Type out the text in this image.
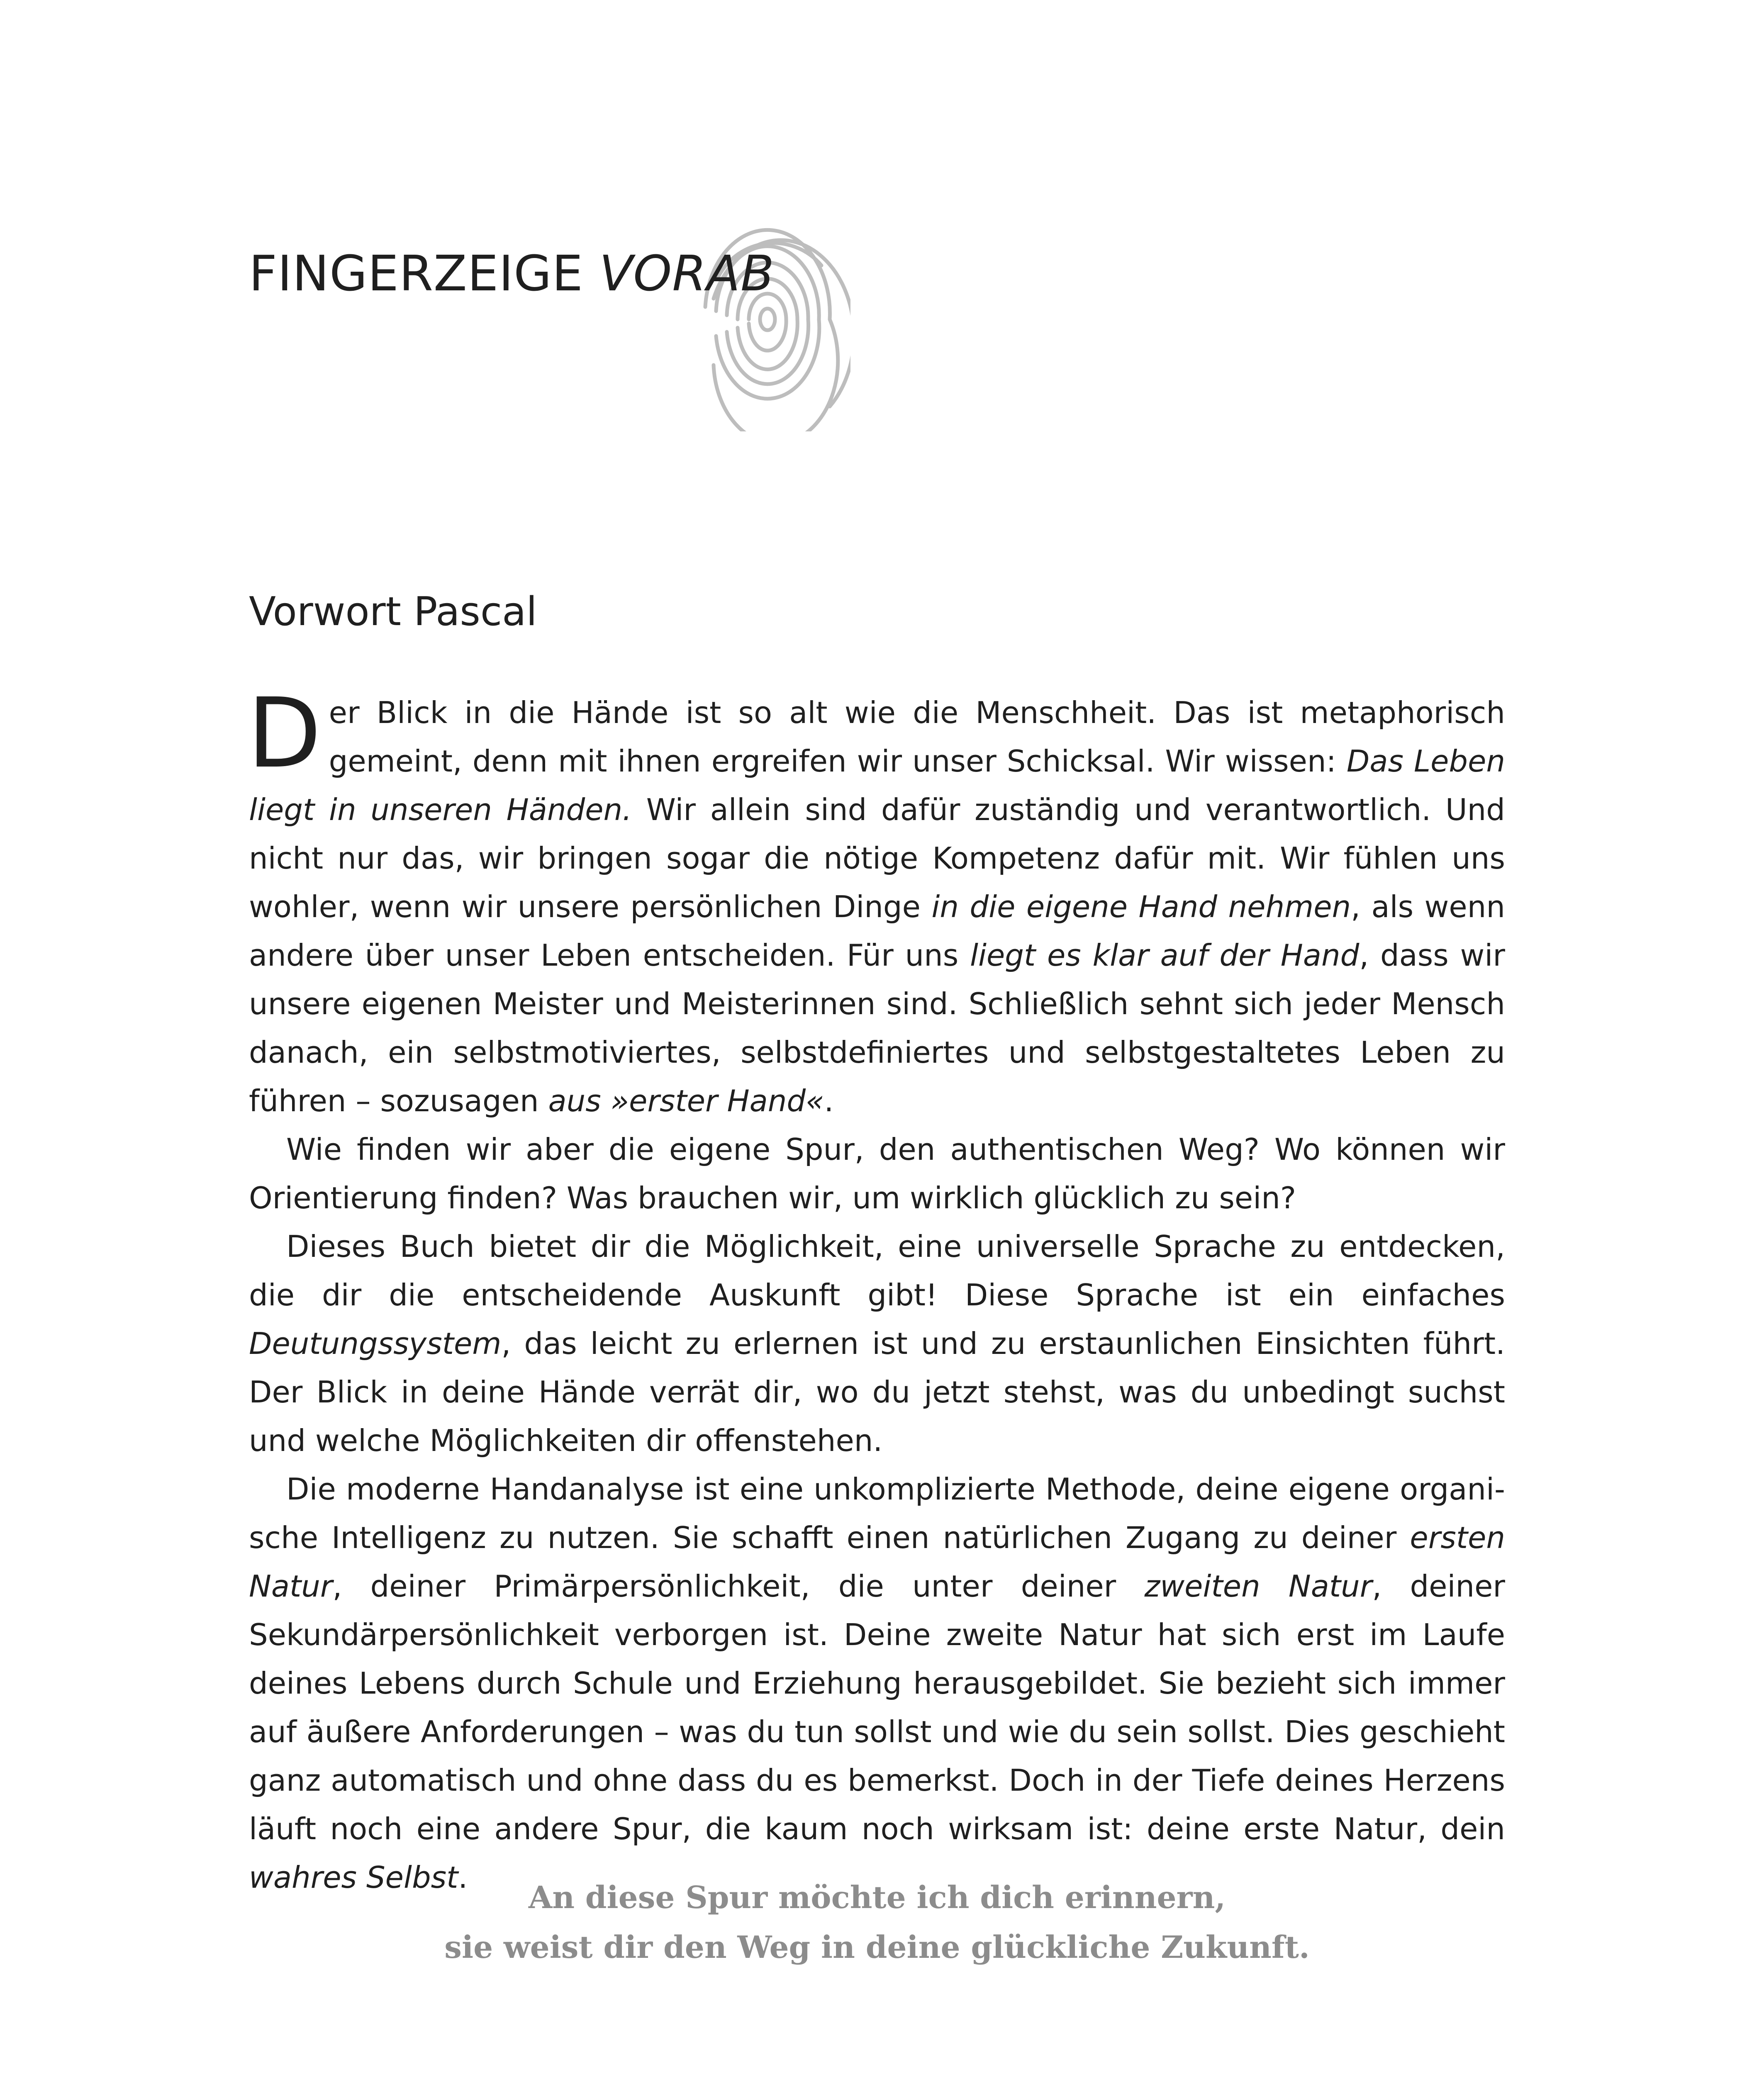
FINGERZEIGE VORAB
Vorwort Pascal

Der Blick in die Hände ist so alt wie die Menschheit. Das ist metaphorisch gemeint, denn mit ihnen ergreifen wir unser Schicksal. Wir wissen: Das Leben liegt in unseren Händen. Wir allein sind dafür zuständig und verantwortlich. Und nicht nur das, wir bringen sogar die nötige Kompetenz dafür mit. Wir fühlen uns wohler, wenn wir unsere persönlichen Dinge in die eigene Hand nehmen, als wenn andere über unser Leben entscheiden. Für uns liegt es klar auf der Hand, dass wir unsere eigenen Meister und Meisterinnen sind. Schließlich sehnt sich jeder Mensch danach, ein selbstmotiviertes, selbstdefiniertes und selbstgestaltetes Leben zu führen – sozusagen aus »erster Hand«.

Wie finden wir aber die eigene Spur, den authentischen Weg? Wo können wir Orientierung finden? Was brauchen wir, um wirklich glücklich zu sein?

Dieses Buch bietet dir die Möglichkeit, eine universelle Sprache zu entdecken, die dir die entscheidende Auskunft gibt! Diese Sprache ist ein einfaches Deutungssystem, das leicht zu erlernen ist und zu erstaunlichen Einsichten führt. Der Blick in deine Hände verrät dir, wo du jetzt stehst, was du unbedingt suchst und welche Möglichkeiten dir offenstehen.

Die moderne Handanalyse ist eine unkomplizierte Methode, deine eigene organische Intelligenz zu nutzen. Sie schafft einen natürlichen Zugang zu deiner ersten Natur, deiner Primärpersönlichkeit, die unter deiner zweiten Natur, deiner Sekundärpersönlichkeit verborgen ist. Deine zweite Natur hat sich erst im Laufe deines Lebens durch Schule und Erziehung herausgebildet. Sie bezieht sich immer auf äußere Anforderungen – was du tun sollst und wie du sein sollst. Dies geschieht ganz automatisch und ohne dass du es bemerkst. Doch in der Tiefe deines Herzens läuft noch eine andere Spur, die kaum noch wirksam ist: deine erste Natur, dein wahres Selbst.

An diese Spur möchte ich dich erinnern,
sie weist dir den Weg in deine glückliche Zukunft.
